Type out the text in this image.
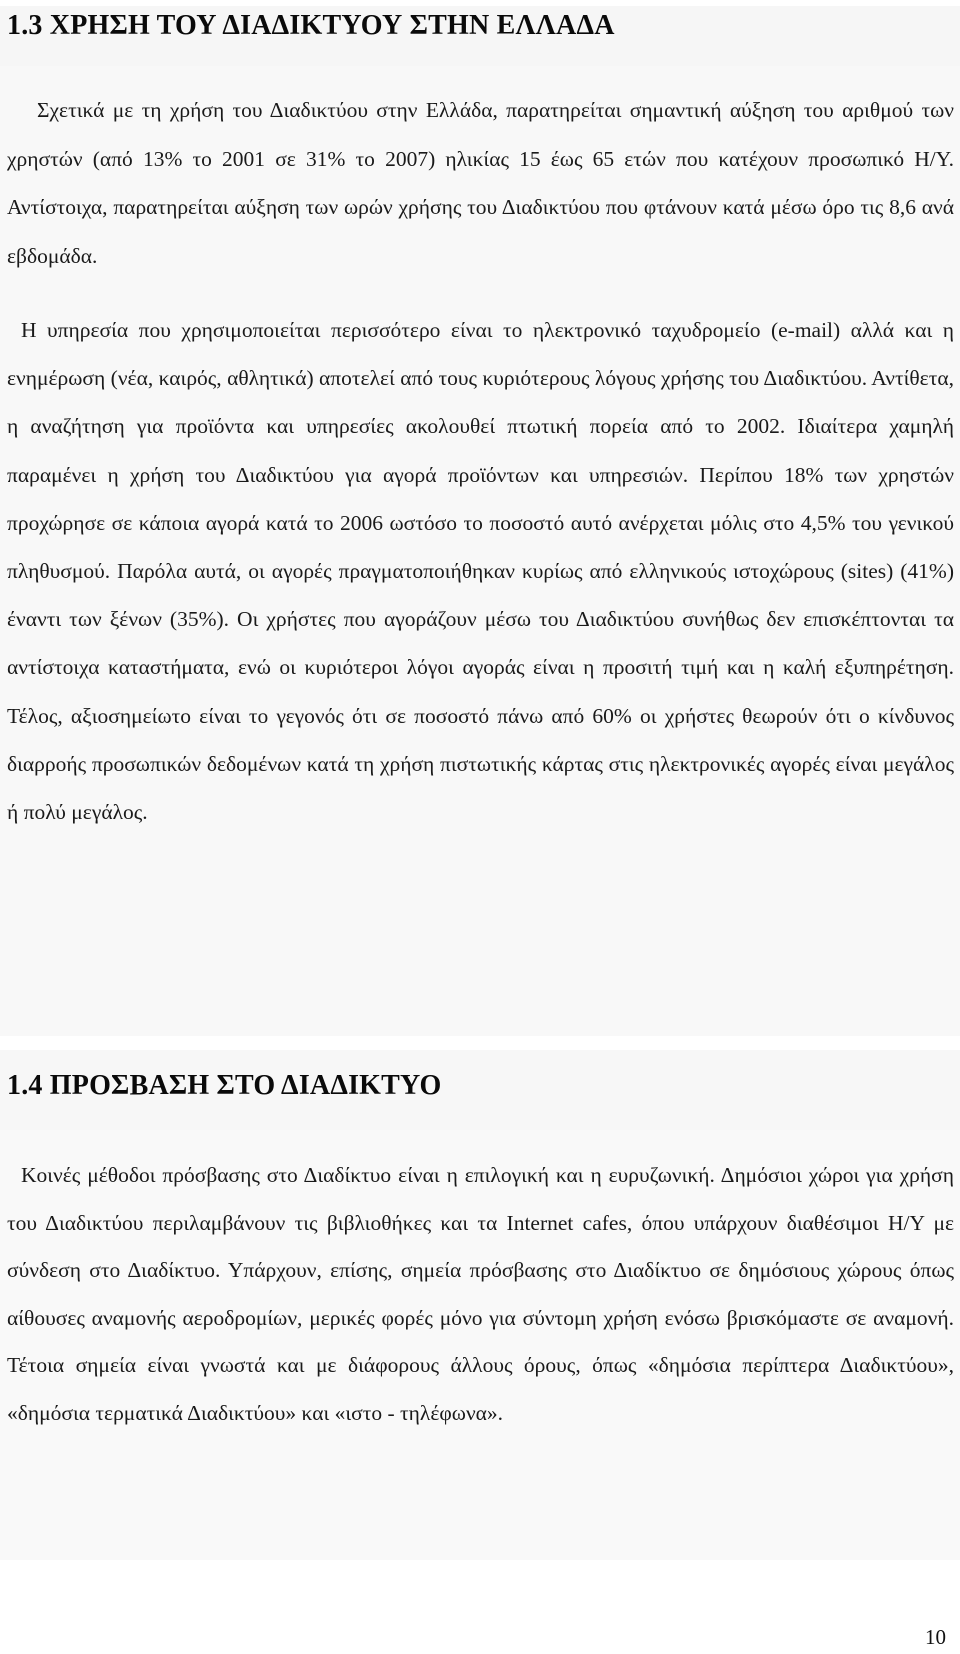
1.3 ΧΡΗΣΗ ΤΟΥ ΔΙΑΔΙΚΤΥΟΥ ΣΤΗΝ ΕΛΛΑΔΑ

Σχετικά με τη χρήση του Διαδικτύου στην Ελλάδα, παρατηρείται σημαντική αύξηση του αριθμού των χρηστών (από 13% το 2001 σε 31% το 2007) ηλικίας 15 έως 65 ετών που κατέχουν προσωπικό Η/Υ. Αντίστοιχα, παρατηρείται αύξηση των ωρών χρήσης του Διαδικτύου που φτάνουν κατά μέσω όρο τις 8,6 ανά εβδομάδα.

Η υπηρεσία που χρησιμοποιείται περισσότερο είναι το ηλεκτρονικό ταχυδρομείο (e-mail) αλλά και η ενημέρωση (νέα, καιρός, αθλητικά) αποτελεί από τους κυριότερους λόγους χρήσης του Διαδικτύου. Αντίθετα, η αναζήτηση για προϊόντα και υπηρεσίες ακολουθεί πτωτική πορεία από το 2002. Ιδιαίτερα χαμηλή παραμένει η χρήση του Διαδικτύου για αγορά προϊόντων και υπηρεσιών. Περίπου 18% των χρηστών προχώρησε σε κάποια αγορά κατά το 2006 ωστόσο το ποσοστό αυτό ανέρχεται μόλις στο 4,5% του γενικού πληθυσμού. Παρόλα αυτά, οι αγορές πραγματοποιήθηκαν κυρίως από ελληνικούς ιστοχώρους (sites) (41%) έναντι των ξένων (35%). Οι χρήστες που αγοράζουν μέσω του Διαδικτύου συνήθως δεν επισκέπτονται τα αντίστοιχα καταστήματα, ενώ οι κυριότεροι λόγοι αγοράς είναι η προσιτή τιμή και η καλή εξυπηρέτηση. Τέλος, αξιοσημείωτο είναι το γεγονός ότι σε ποσοστό πάνω από 60% οι χρήστες θεωρούν ότι ο κίνδυνος διαρροής προσωπικών δεδομένων κατά τη χρήση πιστωτικής κάρτας στις ηλεκτρονικές αγορές είναι μεγάλος ή πολύ μεγάλος.

1.4 ΠΡΟΣΒΑΣΗ ΣΤΟ ΔΙΑΔΙΚΤΥΟ

Κοινές μέθοδοι πρόσβασης στο Διαδίκτυο είναι η επιλογική και η ευρυζωνική. Δημόσιοι χώροι για χρήση του Διαδικτύου περιλαμβάνουν τις βιβλιοθήκες και τα Internet cafes, όπου υπάρχουν διαθέσιμοι Η/Υ με σύνδεση στο Διαδίκτυο. Υπάρχουν, επίσης, σημεία πρόσβασης στο Διαδίκτυο σε δημόσιους χώρους όπως αίθουσες αναμονής αεροδρομίων, μερικές φορές μόνο για σύντομη χρήση ενόσω βρισκόμαστε σε αναμονή. Τέτοια σημεία είναι γνωστά και με διάφορους άλλους όρους, όπως «δημόσια περίπτερα Διαδικτύου», «δημόσια τερματικά Διαδικτύου» και «ιστο - τηλέφωνα».

10
